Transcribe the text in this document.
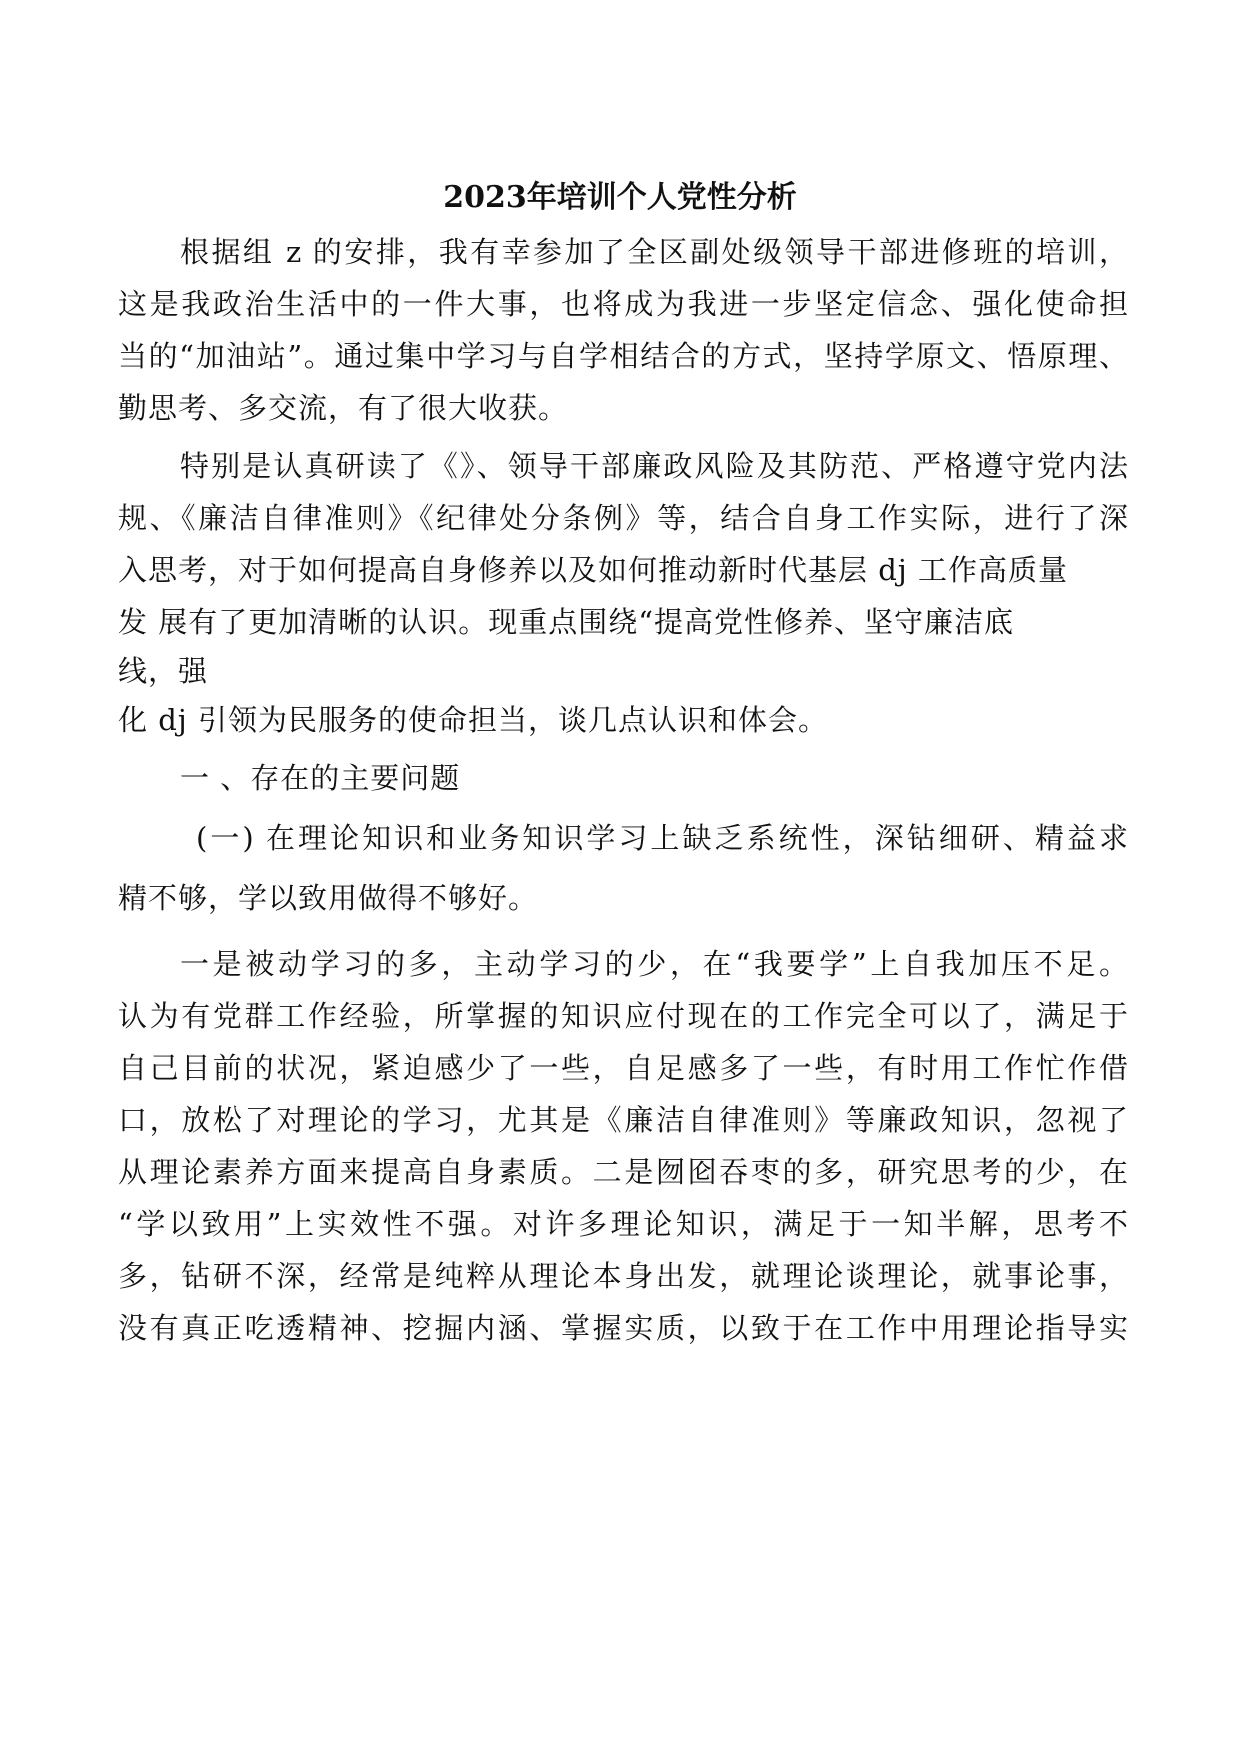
2023年培训个人党性分析
根据组 z 的安排，我有幸参加了全区副处级领导干部进修班的培训，
这是我政治生活中的一件大事，也将成为我进一步坚定信念、强化使命担
当的“加油站”。通过集中学习与自学相结合的方式，坚持学原文、悟原理、
勤思考、多交流，有了很大收获。
特别是认真研读了《》、领导干部廉政风险及其防范、严格遵守党内法
规、《廉洁自律准则》《纪律处分条例》等，结合自身工作实际，进行了深
入思考，对于如何提高自身修养以及如何推动新时代基层 dj 工作高质量
发 展有了更加清晰的认识。现重点围绕“提高党性修养、坚守廉洁底
线，强
化 dj 引领为民服务的使命担当，谈几点认识和体会。
一 、存在的主要问题
(一) 在理论知识和业务知识学习上缺乏系统性，深钻细研、精益求
精不够，学以致用做得不够好。
一是被动学习的多，主动学习的少，在“我要学”上自我加压不足。
认为有党群工作经验，所掌握的知识应付现在的工作完全可以了，满足于
自己目前的状况，紧迫感少了一些，自足感多了一些，有时用工作忙作借
口，放松了对理论的学习，尤其是《廉洁自律准则》等廉政知识，忽视了
从理论素养方面来提高自身素质。二是囫囵吞枣的多，研究思考的少，在
“学以致用”上实效性不强。对许多理论知识，满足于一知半解，思考不
多，钻研不深，经常是纯粹从理论本身出发，就理论谈理论，就事论事，
没有真正吃透精神、挖掘内涵、掌握实质，以致于在工作中用理论指导实
